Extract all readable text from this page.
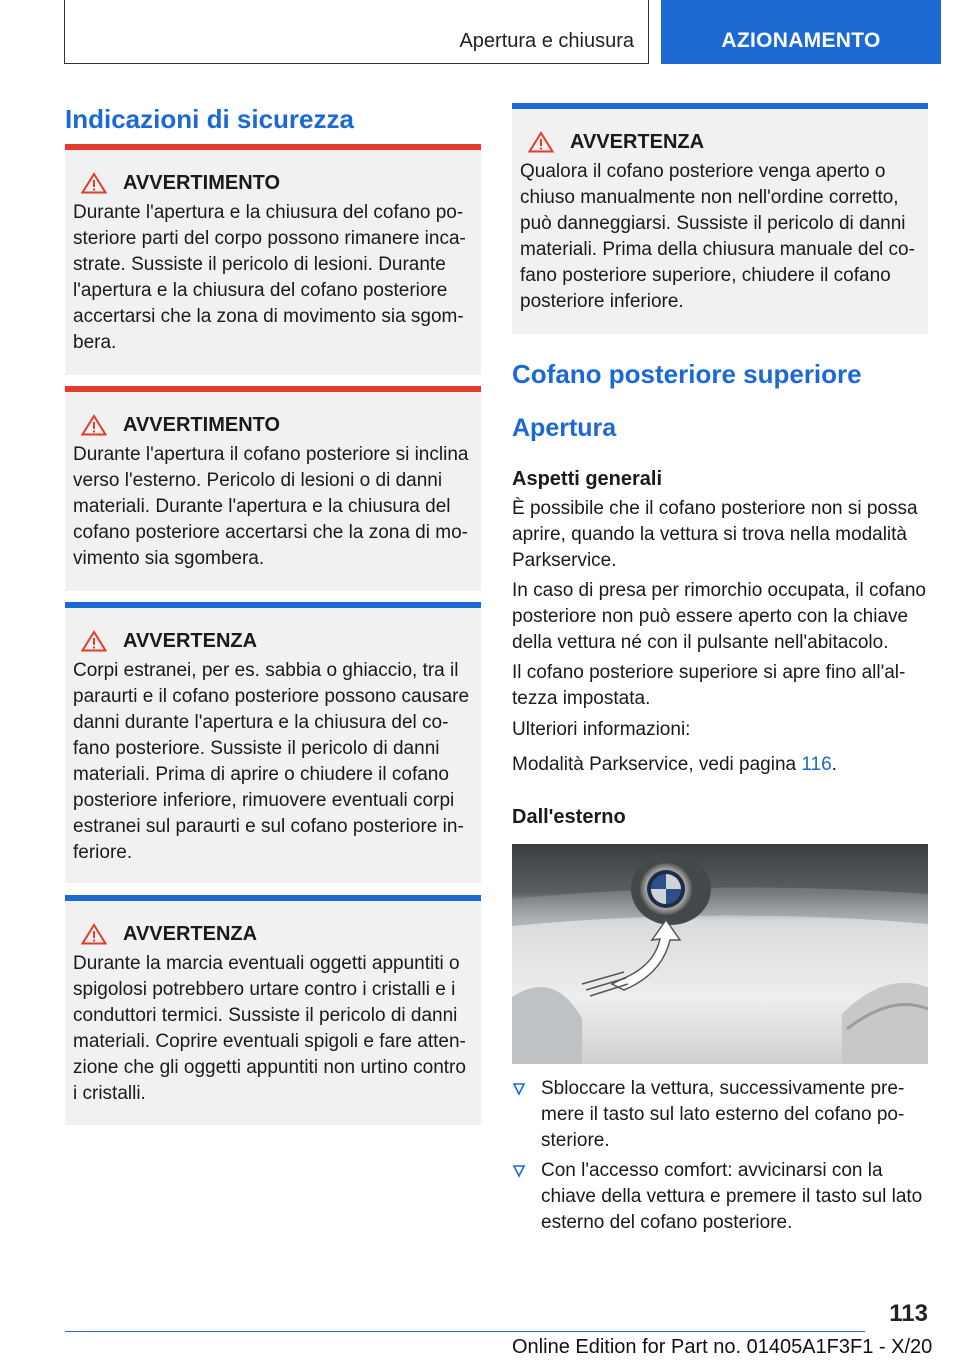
Apertura e chiusura	AZIONAMENTO
Indicazioni di sicurezza
AVVERTIMENTO
Durante l'apertura e la chiusura del cofano posteriore parti del corpo possono rimanere incastrate. Sussiste il pericolo di lesioni. Durante l'apertura e la chiusura del cofano posteriore accertarsi che la zona di movimento sia sgombera.
AVVERTIMENTO
Durante l'apertura il cofano posteriore si inclina verso l'esterno. Pericolo di lesioni o di danni materiali. Durante l'apertura e la chiusura del cofano posteriore accertarsi che la zona di movimento sia sgombera.
AVVERTENZA
Corpi estranei, per es. sabbia o ghiaccio, tra il paraurti e il cofano posteriore possono causare danni durante l'apertura e la chiusura del cofano posteriore. Sussiste il pericolo di danni materiali. Prima di aprire o chiudere il cofano posteriore inferiore, rimuovere eventuali corpi estranei sul paraurti e sul cofano posteriore inferiore.
AVVERTENZA
Durante la marcia eventuali oggetti appuntiti o spigolosi potrebbero urtare contro i cristalli e i conduttori termici. Sussiste il pericolo di danni materiali. Coprire eventuali spigoli e fare attenzione che gli oggetti appuntiti non urtino contro i cristalli.
AVVERTENZA
Qualora il cofano posteriore venga aperto o chiuso manualmente non nell'ordine corretto, può danneggiarsi. Sussiste il pericolo di danni materiali. Prima della chiusura manuale del cofano posteriore superiore, chiudere il cofano posteriore inferiore.
Cofano posteriore superiore
Apertura
Aspetti generali
È possibile che il cofano posteriore non si possa aprire, quando la vettura si trova nella modalità Parkservice.
In caso di presa per rimorchio occupata, il cofano posteriore non può essere aperto con la chiave della vettura né con il pulsante nell'abitacolo.
Il cofano posteriore superiore si apre fino all'altezza impostata.
Ulteriori informazioni:
Modalità Parkservice, vedi pagina 116.
Dall'esterno
Sbloccare la vettura, successivamente premere il tasto sul lato esterno del cofano posteriore.
Con l'accesso comfort: avvicinarsi con la chiave della vettura e premere il tasto sul lato esterno del cofano posteriore.
113
Online Edition for Part no. 01405A1F3F1 - X/20
